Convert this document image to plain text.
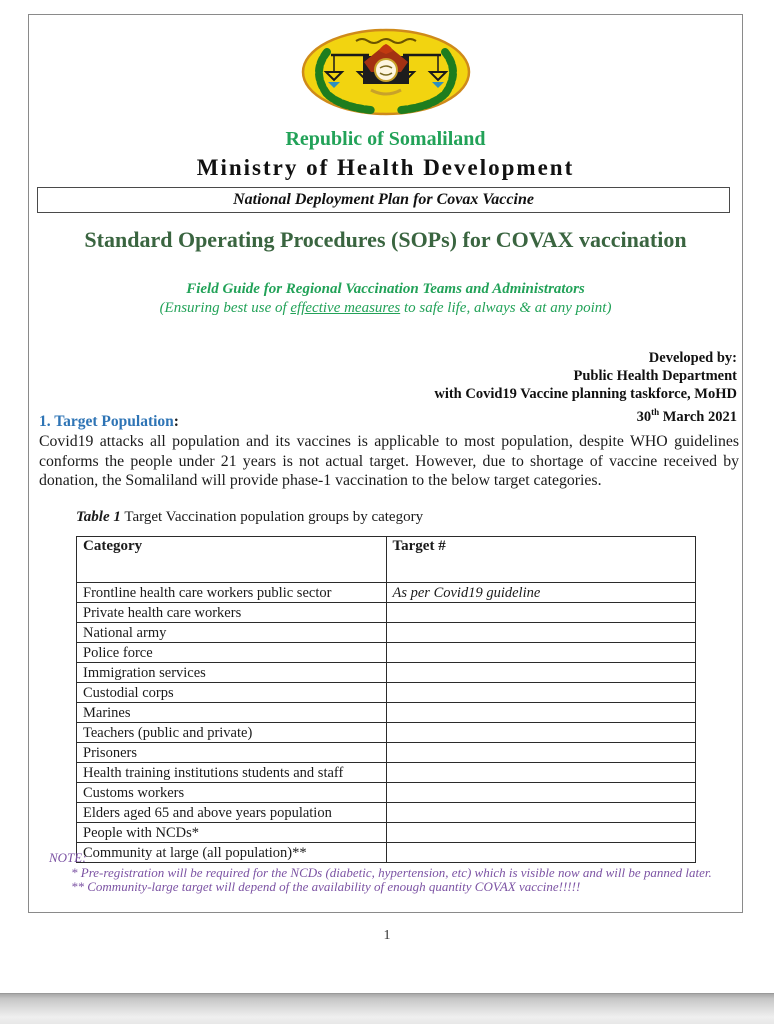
Republic of Somaliland
Ministry of Health Development
National Deployment Plan for Covax Vaccine
Standard Operating Procedures (SOPs) for COVAX vaccination
Field Guide for Regional Vaccination Teams and Administrators
(Ensuring best use of effective measures to safe life, always & at any point)
Developed by:
Public Health Department
with Covid19 Vaccine planning taskforce, MoHD
30th March 2021
1. Target Population:
Covid19 attacks all population and its vaccines is applicable to most population, despite WHO guidelines conforms the people under 21 years is not actual target. However, due to shortage of vaccine received by donation, the Somaliland will provide phase-1 vaccination to the below target categories.
Table 1 Target Vaccination population groups by category
Category	Target #
Frontline health care workers public sector	As per Covid19 guideline
Private health care workers	
National army	
Police force	
Immigration services	
Custodial corps	
Marines	
Teachers (public and private)	
Prisoners	
Health training institutions students and staff	
Customs workers	
Elders aged 65 and above years population	
People with NCDs*	
Community at large (all population)**	
NOTE:
* Pre-registration will be required for the NCDs (diabetic, hypertension, etc) which is visible now and will be panned later.
** Community-large target will depend of the availability of enough quantity COVAX vaccine!!!!!
1
